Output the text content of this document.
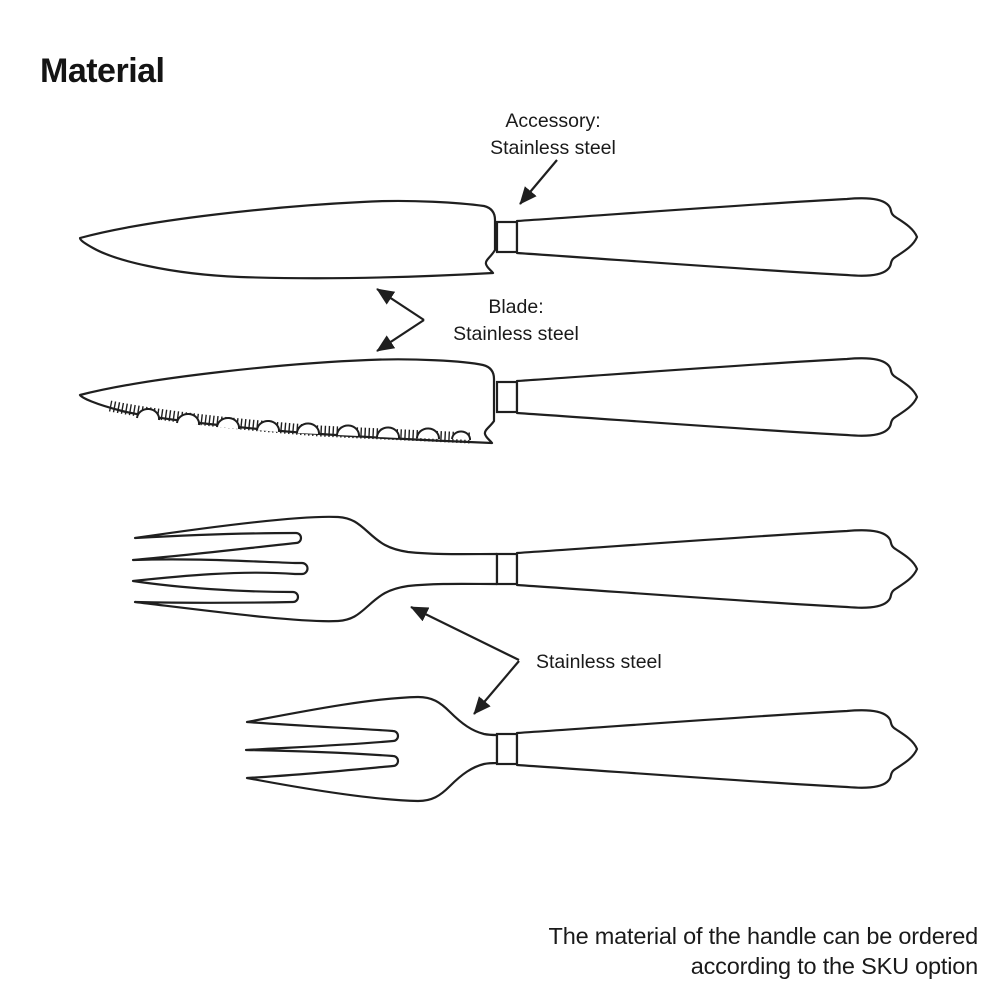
Material
Accessory:
Stainless steel
Blade:
Stainless steel
Stainless steel
The material of the handle can be ordered
according to the SKU option
